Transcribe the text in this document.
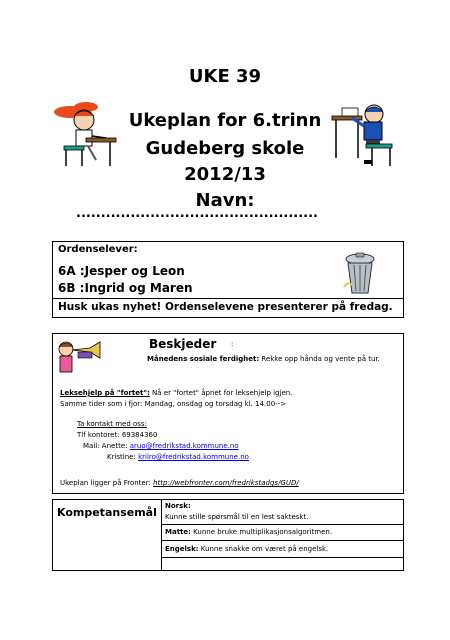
UKE 39
Ukeplan for 6.trinn
Gudeberg skole
2012/13
Navn:
.................................................
Ordenselever:
6A :Jesper og Leon
6B :Ingrid og Maren
Husk ukas nyhet! Ordenselevene presenterer på fredag.
Beskjeder :
Månedens sosiale ferdighet: Rekke opp hånda og vente på tur.
Leksehjelp på "fortet": Nå er "fortet" åpnet for leksehjelp igjen.
Samme tider som i fjor: Mandag, onsdag og torsdag kl. 14.00-->
Ta kontakt med oss:
Tlf kontoret: 69384360
Mail: Anette: aruo@fredrikstad.kommune.no
Kristine: krilro@fredrikstad.kommune.no
Ukeplan ligger på Fronter: http://webfronter.com/fredrikstadgs/GUD/
Kompetansemål	Norsk:
Kunne stille spørsmål til en lest sakteskt.
Matte: Kunne bruke multiplikasjonsalgoritmen.
Engelsk: Kunne snakke om været på engelsk.
